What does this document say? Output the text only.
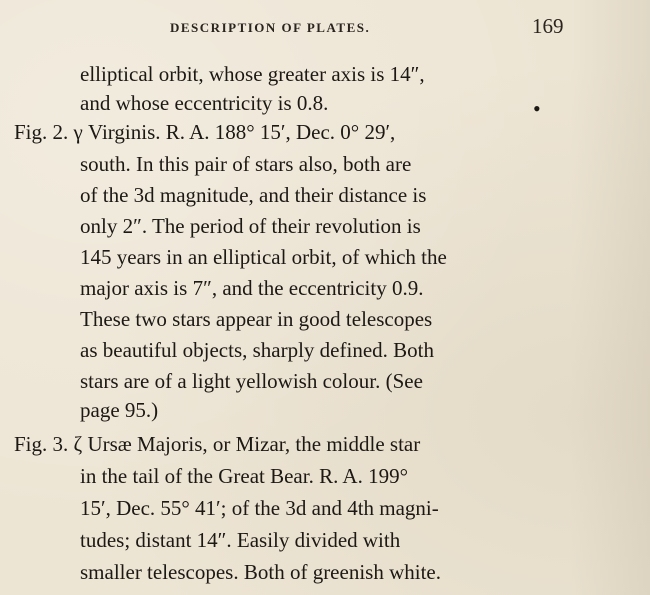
DESCRIPTION OF PLATES.	169
elliptical orbit, whose greater axis is 14″,
and whose eccentricity is 0.8.	•
Fig. 2. γ Virginis. R. A. 188° 15′, Dec. 0° 29′,
south. In this pair of stars also, both are
of the 3d magnitude, and their distance is
only 2″. The period of their revolution is
145 years in an elliptical orbit, of which the
major axis is 7″, and the eccentricity 0.9.
These two stars appear in good telescopes
as beautiful objects, sharply defined. Both
stars are of a light yellowish colour. (See
page 95.)
Fig. 3. ζ Ursæ Majoris, or Mizar, the middle star
in the tail of the Great Bear. R. A. 199°
15′, Dec. 55° 41′; of the 3d and 4th magni-
tudes; distant 14″. Easily divided with
smaller telescopes. Both of greenish white.
